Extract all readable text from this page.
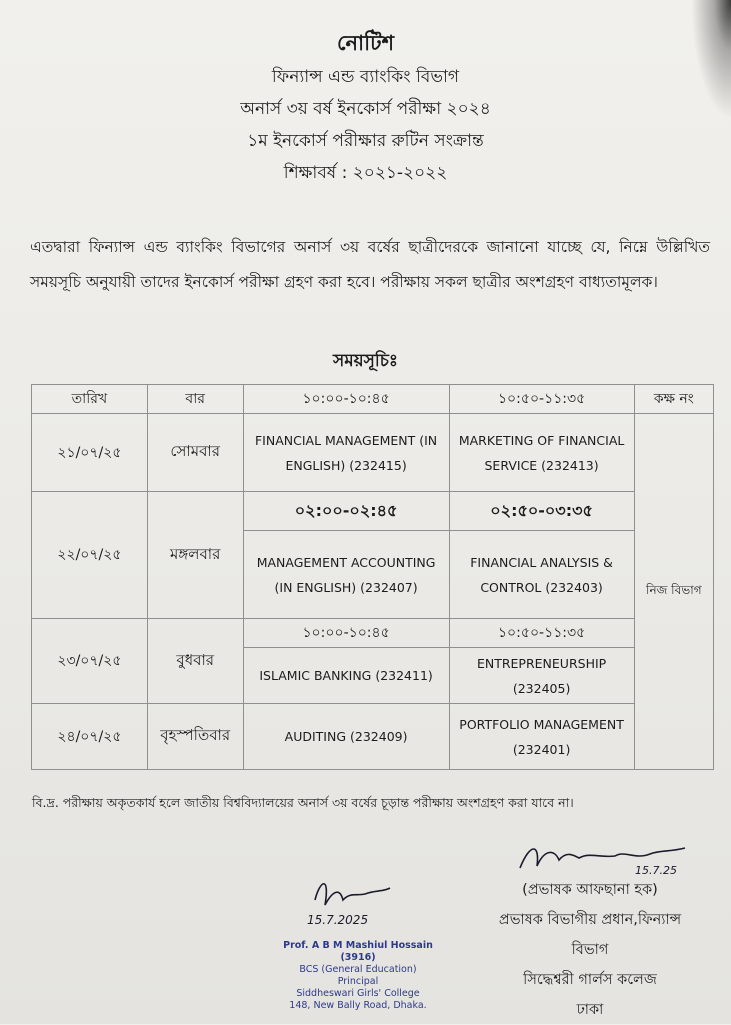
নোটিশ
ফিন্যান্স এন্ড ব্যাংকিং বিভাগ
অনার্স ৩য় বর্ষ ইনকোর্স পরীক্ষা ২০২৪
১ম ইনকোর্স পরীক্ষার রুটিন সংক্রান্ত
শিক্ষাবর্ষ : ২০২১-২০২২
এতদ্বারা ফিন্যান্স এন্ড ব্যাংকিং বিভাগের অনার্স ৩য় বর্ষের ছাত্রীদেরকে জানানো যাচ্ছে যে, নিম্নে উল্লিখিত সময়সূচি অনুযায়ী তাদের ইনকোর্স পরীক্ষা গ্রহণ করা হবে। পরীক্ষায় সকল ছাত্রীর অংশগ্রহণ বাধ্যতামূলক।
সময়সূচিঃ
তারিখ	বার	১০:০০-১০:৪৫	১০:৫০-১১:৩৫	কক্ষ নং
২১/০৭/২৫	সোমবার	FINANCIAL MANAGEMENT (IN ENGLISH) (232415)	MARKETING OF FINANCIAL SERVICE (232413)	নিজ বিভাগ
২২/০৭/২৫	মঙ্গলবার	০২:০০-০২:৪৫	০২:৫০-০৩:৩৫	
		MANAGEMENT ACCOUNTING (IN ENGLISH) (232407)	FINANCIAL ANALYSIS & CONTROL (232403)	
২৩/০৭/২৫	বুধবার	১০:০০-১০:৪৫	১০:৫০-১১:৩৫	
		ISLAMIC BANKING (232411)	ENTREPRENEURSHIP (232405)	
২৪/০৭/২৫	বৃহস্পতিবার	AUDITING (232409)	PORTFOLIO MANAGEMENT (232401)	
বি.দ্র. পরীক্ষায় অকৃতকার্য হলে জাতীয় বিশ্ববিদ্যালয়ের অনার্স ৩য় বর্ষের চূড়ান্ত পরীক্ষায় অংশগ্রহণ করা যাবে না।
15.7.25
(প্রভাষক আফছানা হক)
প্রভাষক বিভাগীয় প্রধান,ফিন্যান্স
বিভাগ
সিদ্ধেশ্বরী গার্লস কলেজ
ঢাকা
15.7.2025
Prof. A B M Mashiul Hossain (3916)
BCS (General Education)
Principal
Siddheswari Girls' College
148, New Bally Road, Dhaka.
